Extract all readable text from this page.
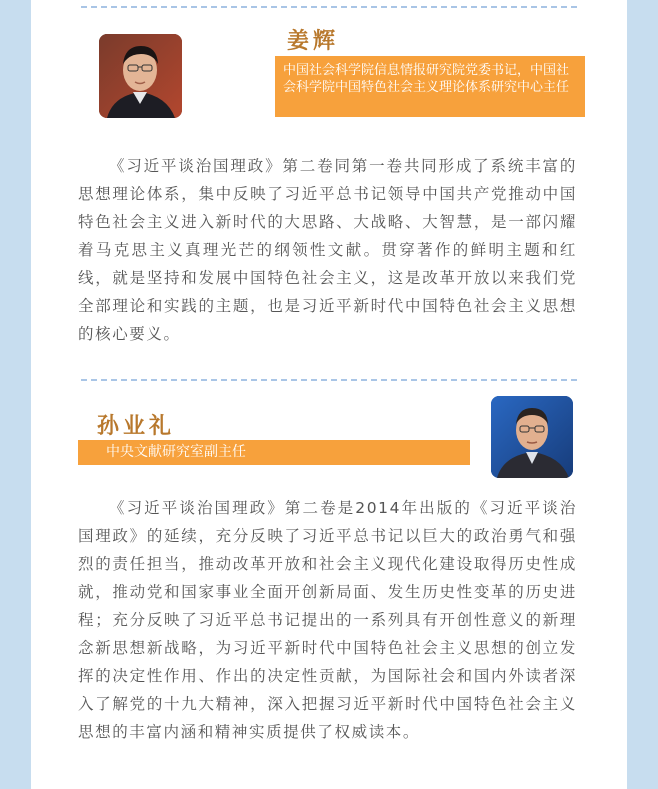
姜辉
中国社会科学院信息情报研究院党委书记，中国社会科学院中国特色社会主义理论体系研究中心主任

《习近平谈治国理政》第二卷同第一卷共同形成了系统丰富的思想理论体系，集中反映了习近平总书记领导中国共产党推动中国特色社会主义进入新时代的大思路、大战略、大智慧，是一部闪耀着马克思主义真理光芒的纲领性文献。贯穿著作的鲜明主题和红线，就是坚持和发展中国特色社会主义，这是改革开放以来我们党全部理论和实践的主题，也是习近平新时代中国特色社会主义思想的核心要义。

孙业礼
中央文献研究室副主任

《习近平谈治国理政》第二卷是2014年出版的《习近平谈治国理政》的延续，充分反映了习近平总书记以巨大的政治勇气和强烈的责任担当，推动改革开放和社会主义现代化建设取得历史性成就，推动党和国家事业全面开创新局面、发生历史性变革的历史进程；充分反映了习近平总书记提出的一系列具有开创性意义的新理念新思想新战略，为习近平新时代中国特色社会主义思想的创立发挥的决定性作用、作出的决定性贡献，为国际社会和国内外读者深入了解党的十九大精神，深入把握习近平新时代中国特色社会主义思想的丰富内涵和精神实质提供了权威读本。
